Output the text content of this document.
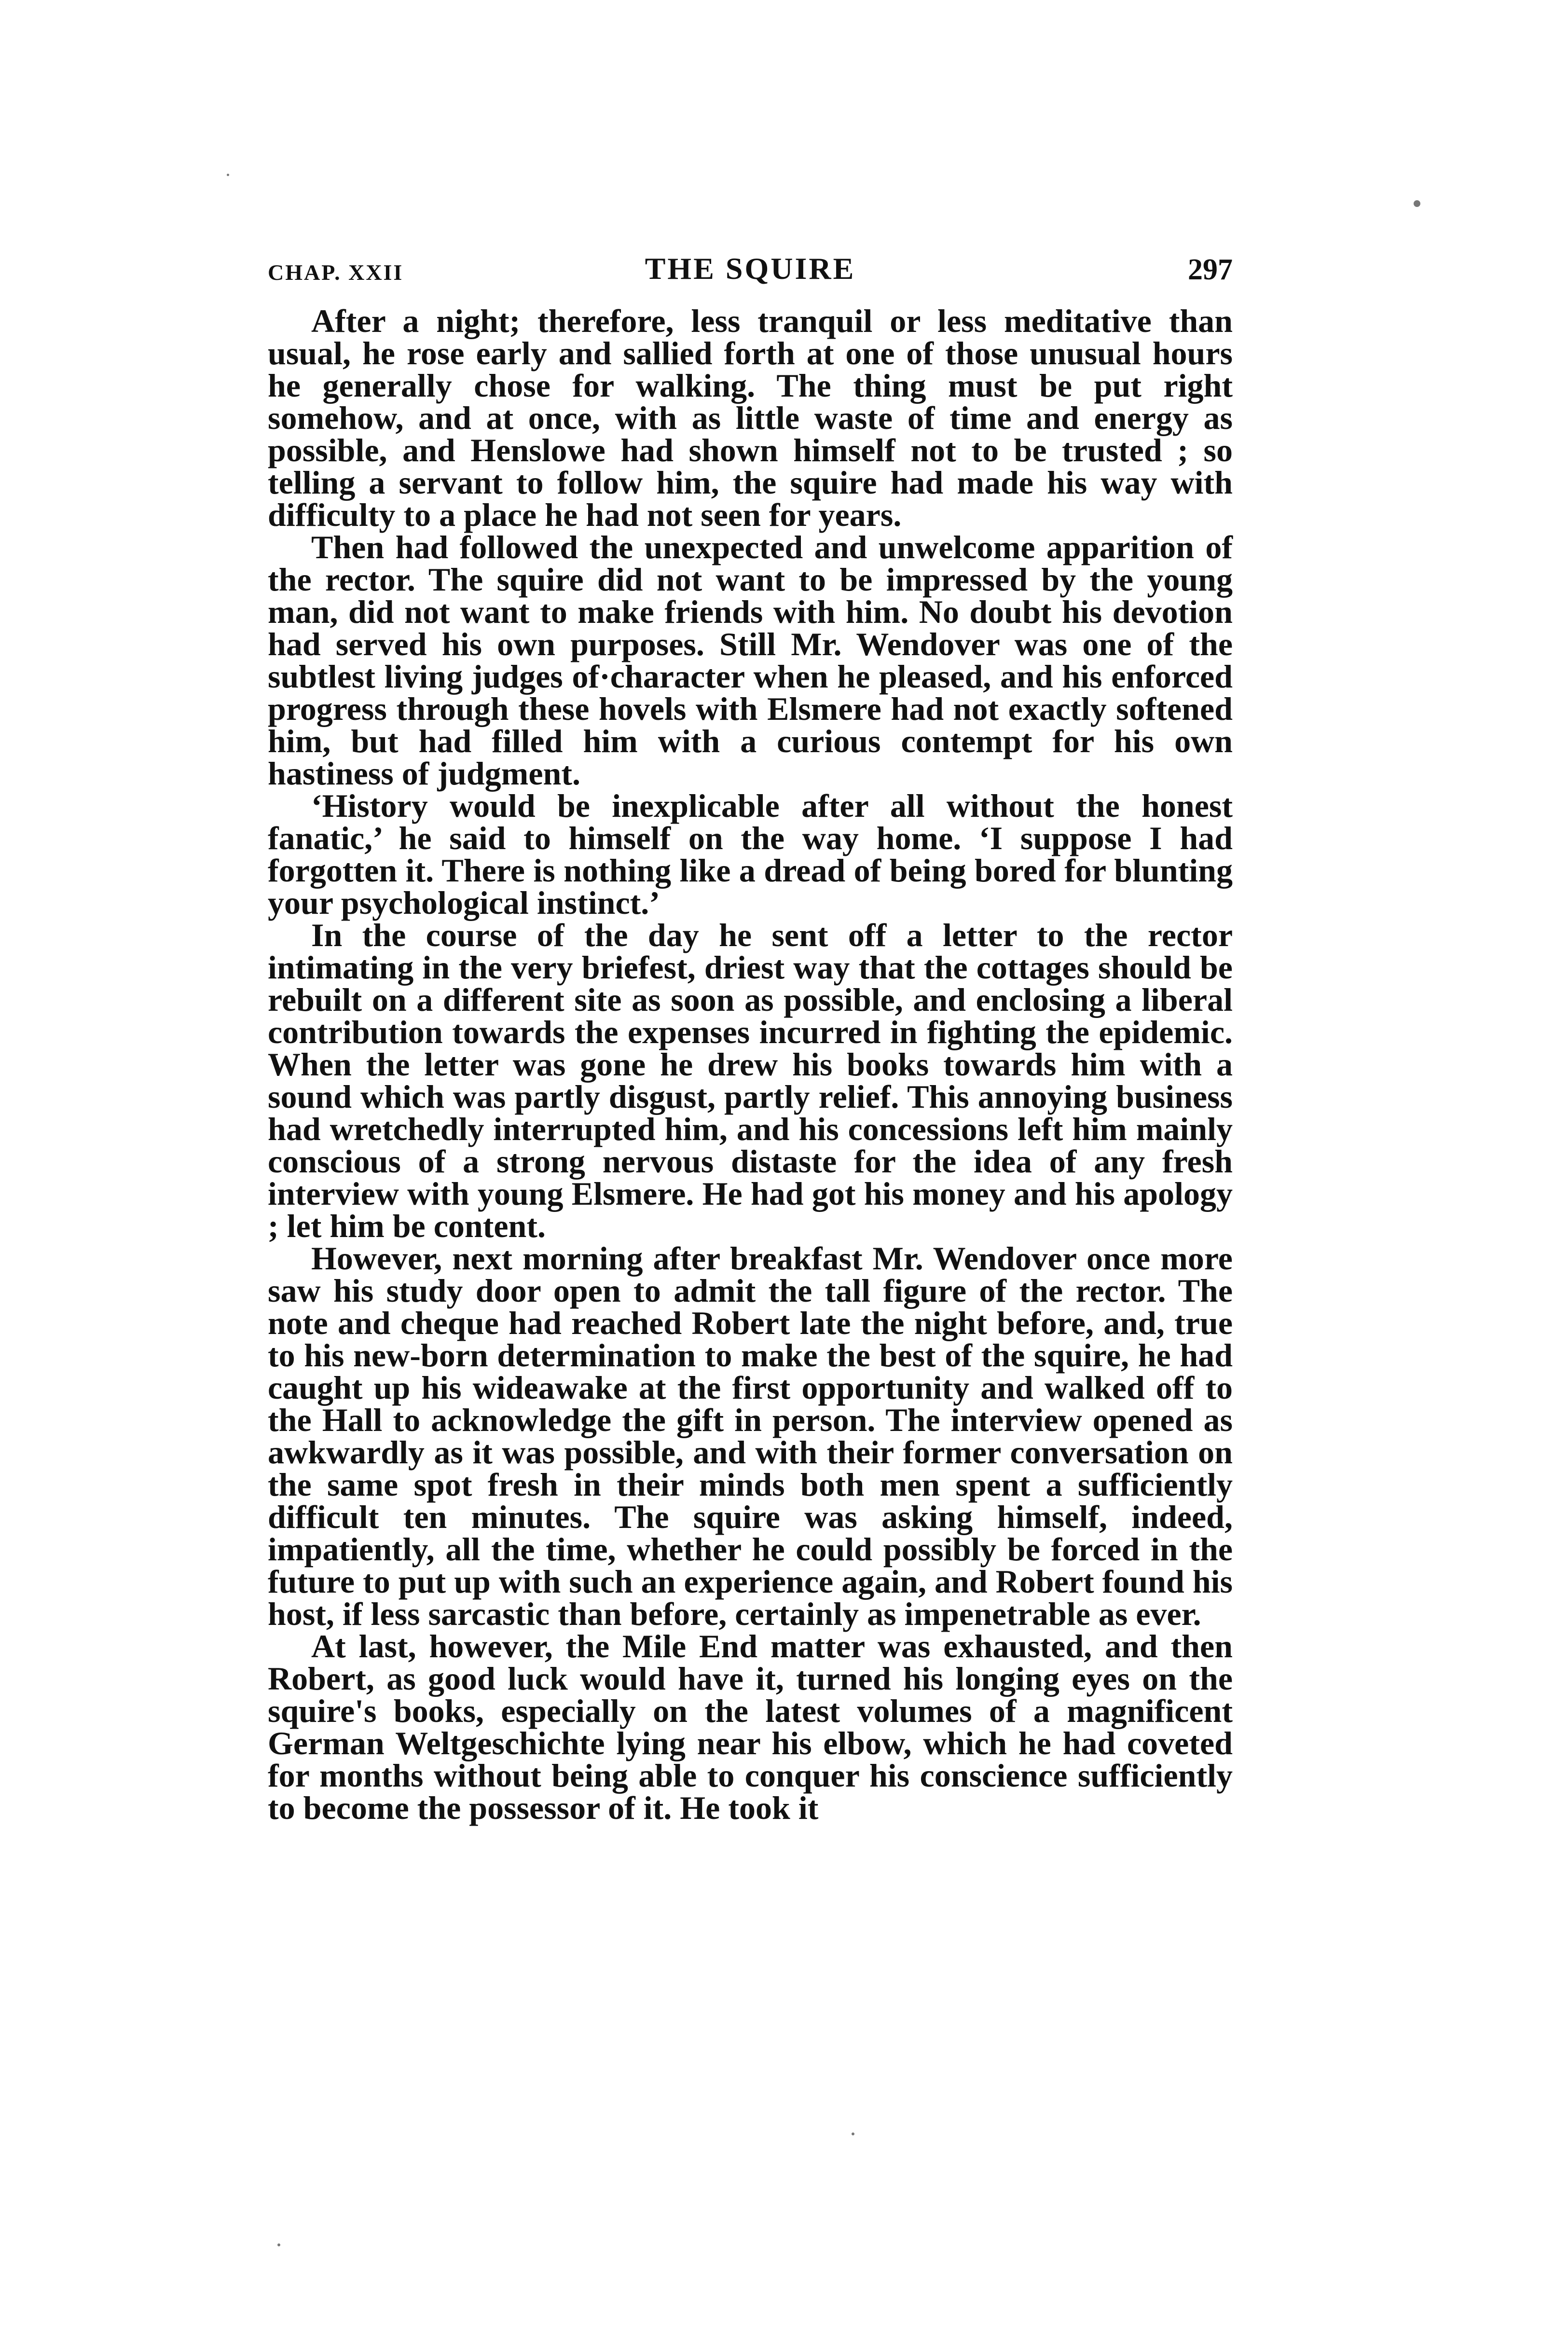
CHAP. XXII	THE SQUIRE	297

After a night; therefore, less tranquil or less meditative than usual, he rose early and sallied forth at one of those unusual hours he generally chose for walking. The thing must be put right somehow, and at once, with as little waste of time and energy as possible, and Henslowe had shown himself not to be trusted ; so telling a servant to follow him, the squire had made his way with difficulty to a place he had not seen for years.

Then had followed the unexpected and unwelcome apparition of the rector. The squire did not want to be impressed by the young man, did not want to make friends with him. No doubt his devotion had served his own purposes. Still Mr. Wendover was one of the subtlest living judges of·character when he pleased, and his enforced progress through these hovels with Elsmere had not exactly softened him, but had filled him with a curious contempt for his own hastiness of judgment.

‘History would be inexplicable after all without the honest fanatic,’ he said to himself on the way home. ‘I suppose I had forgotten it. There is nothing like a dread of being bored for blunting your psychological instinct.’

In the course of the day he sent off a letter to the rector intimating in the very briefest, driest way that the cottages should be rebuilt on a different site as soon as possible, and enclosing a liberal contribution towards the expenses incurred in fighting the epidemic. When the letter was gone he drew his books towards him with a sound which was partly disgust, partly relief. This annoying business had wretchedly interrupted him, and his concessions left him mainly conscious of a strong nervous distaste for the idea of any fresh interview with young Elsmere. He had got his money and his apology ; let him be content.

However, next morning after breakfast Mr. Wendover once more saw his study door open to admit the tall figure of the rector. The note and cheque had reached Robert late the night before, and, true to his new-born determination to make the best of the squire, he had caught up his wideawake at the first opportunity and walked off to the Hall to acknowledge the gift in person. The interview opened as awkwardly as it was possible, and with their former conversation on the same spot fresh in their minds both men spent a sufficiently difficult ten minutes. The squire was asking himself, indeed, impatiently, all the time, whether he could possibly be forced in the future to put up with such an experience again, and Robert found his host, if less sarcastic than before, certainly as impenetrable as ever.

At last, however, the Mile End matter was exhausted, and then Robert, as good luck would have it, turned his longing eyes on the squire's books, especially on the latest volumes of a magnificent German Weltgeschichte lying near his elbow, which he had coveted for months without being able to conquer his conscience sufficiently to become the possessor of it. He took it
